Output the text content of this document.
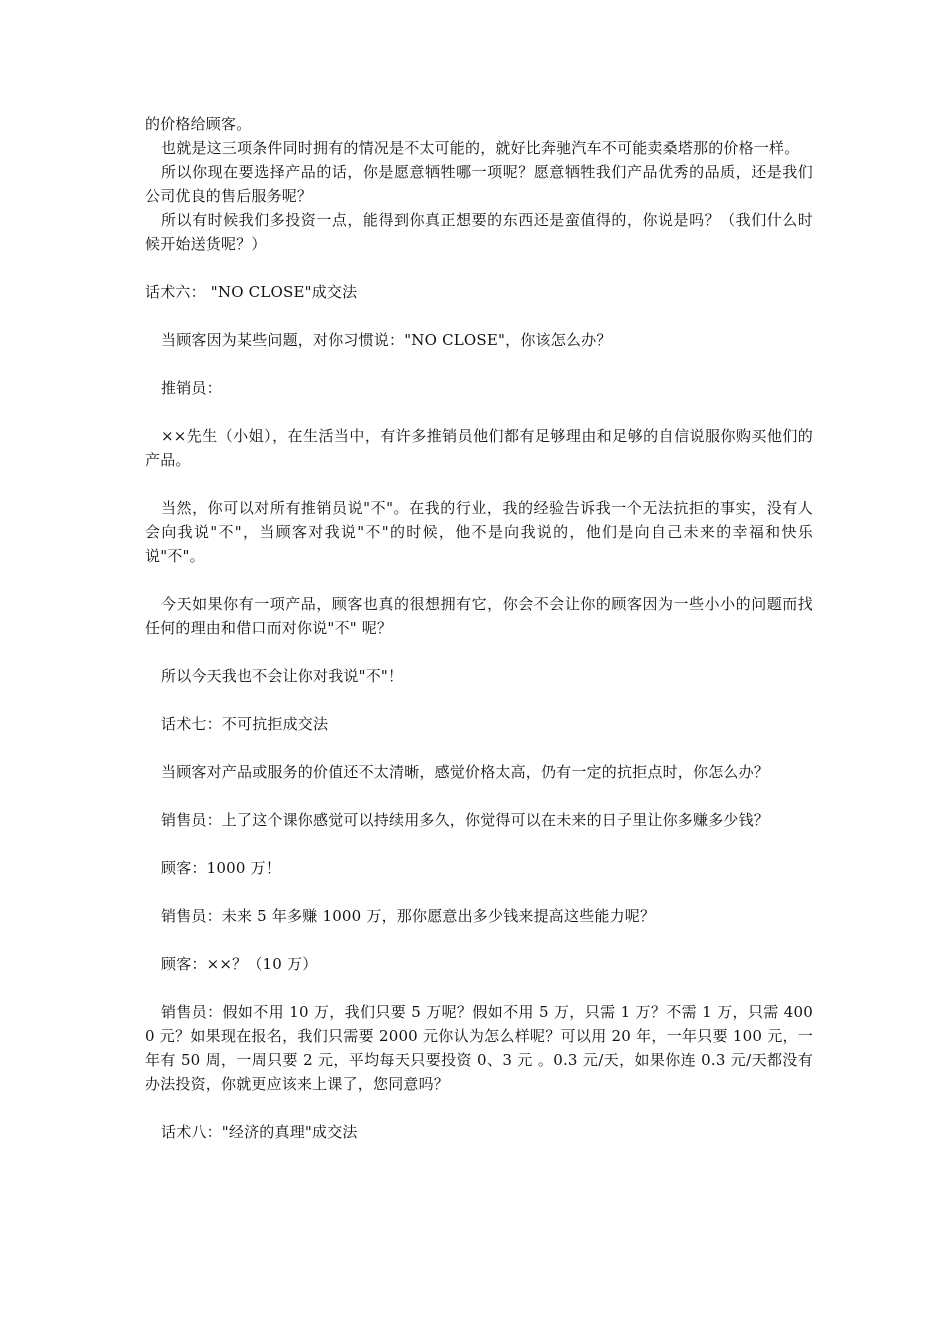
的价格给顾客。

也就是这三项条件同时拥有的情况是不太可能的，就好比奔驰汽车不可能卖桑塔那的价格一样。

所以你现在要选择产品的话，你是愿意牺牲哪一项呢？愿意牺牲我们产品优秀的品质，还是我们公司优良的售后服务呢？

所以有时候我们多投资一点，能得到你真正想要的东西还是蛮值得的，你说是吗？（我们什么时候开始送货呢？）

话术六： "NO CLOSE"成交法

当顾客因为某些问题，对你习惯说："NO CLOSE"，你该怎么办？

推销员：

××先生（小姐），在生活当中，有许多推销员他们都有足够理由和足够的自信说服你购买他们的产品。

当然，你可以对所有推销员说"不"。在我的行业，我的经验告诉我一个无法抗拒的事实，没有人会向我说"不"，当顾客对我说"不"的时候，他不是向我说的，他们是向自己未来的幸福和快乐说"不"。

今天如果你有一项产品，顾客也真的很想拥有它，你会不会让你的顾客因为一些小小的问题而找任何的理由和借口而对你说"不" 呢？

所以今天我也不会让你对我说"不"！

话术七：不可抗拒成交法

当顾客对产品或服务的价值还不太清晰，感觉价格太高，仍有一定的抗拒点时，你怎么办？

销售员：上了这个课你感觉可以持续用多久，你觉得可以在未来的日子里让你多赚多少钱？

顾客：1000 万！

销售员：未来 5 年多赚 1000 万，那你愿意出多少钱来提高这些能力呢？

顾客：××？（10 万）

销售员：假如不用 10 万，我们只要 5 万呢？假如不用 5 万，只需 1 万？不需 1 万，只需 4000 元？如果现在报名，我们只需要 2000 元你认为怎么样呢？可以用 20 年，一年只要 100 元，一年有 50 周，一周只要 2 元，平均每天只要投资 0、3 元 。0.3 元/天，如果你连 0.3 元/天都没有办法投资，你就更应该来上课了，您同意吗？

话术八："经济的真理"成交法
